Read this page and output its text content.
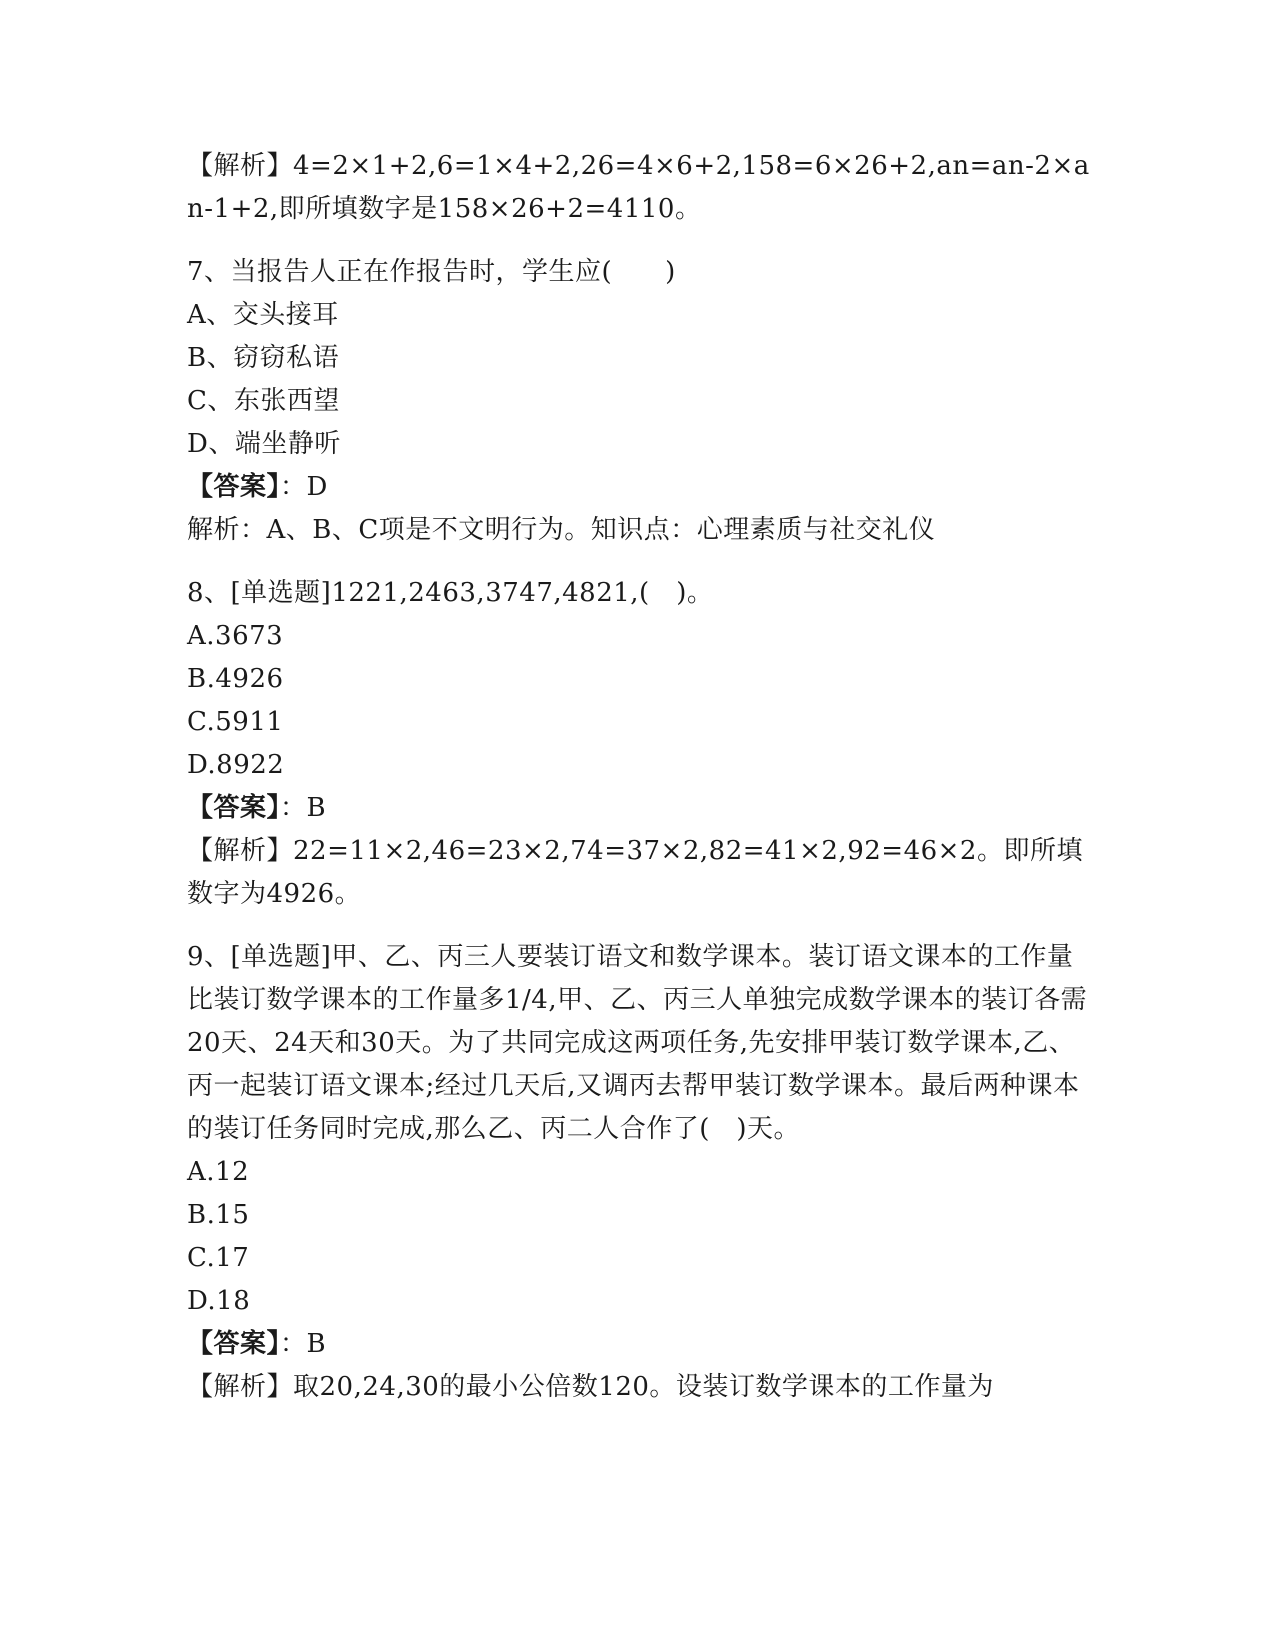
【解析】4=2×1+2,6=1×4+2,26=4×6+2,158=6×26+2,an=an-2×an-1+2,即所填数字是158×26+2=4110。
7、当报告人正在作报告时，学生应(　　)
A、交头接耳
B、窃窃私语
C、东张西望
D、端坐静听
【答案】：D
解析：A、B、C项是不文明行为。知识点：心理素质与社交礼仪
8、[单选题]1221,2463,3747,4821,(　)。
A.3673
B.4926
C.5911
D.8922
【答案】：B
【解析】22=11×2,46=23×2,74=37×2,82=41×2,92=46×2。即所填数字为4926。
9、[单选题]甲、乙、丙三人要装订语文和数学课本。装订语文课本的工作量比装订数学课本的工作量多1/4,甲、乙、丙三人单独完成数学课本的装订各需20天、24天和30天。为了共同完成这两项任务,先安排甲装订数学课本,乙、丙一起装订语文课本;经过几天后,又调丙去帮甲装订数学课本。最后两种课本的装订任务同时完成,那么乙、丙二人合作了(　)天。
A.12
B.15
C.17
D.18
【答案】：B
【解析】取20,24,30的最小公倍数120。设装订数学课本的工作量为
